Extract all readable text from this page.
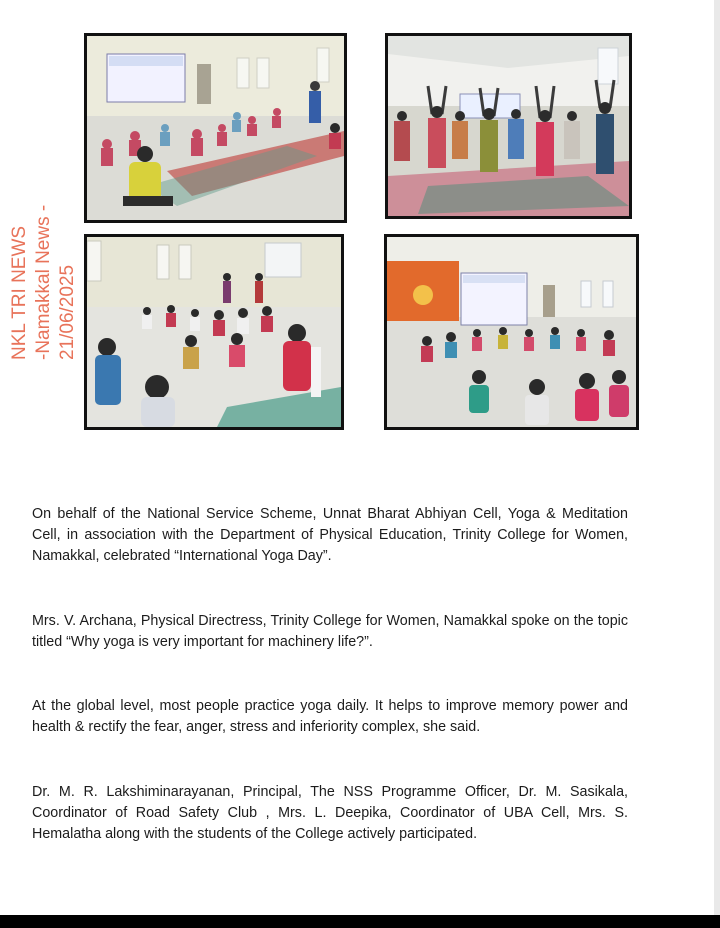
NKL TRI NEWS -Namakkal News - 21/06/2025
On behalf of the National Service Scheme, Unnat Bharat Abhiyan Cell, Yoga & Meditation Cell, in association with the Department of Physical Education, Trinity College for Women, Namakkal, celebrated “International Yoga Day”.
Mrs. V. Archana, Physical Directress, Trinity College for Women, Namakkal spoke on the topic titled “Why yoga is very important for machinery life?”.
At the global level, most people practice yoga daily. It helps to improve memory power and health & rectify the fear, anger, stress and inferiority complex, she said.
Dr. M. R. Lakshiminarayanan, Principal, The NSS Programme Officer, Dr. M. Sasikala, Coordinator of Road Safety Club , Mrs. L. Deepika, Coordinator of UBA Cell, Mrs. S. Hemalatha along with the students of the College actively participated.
